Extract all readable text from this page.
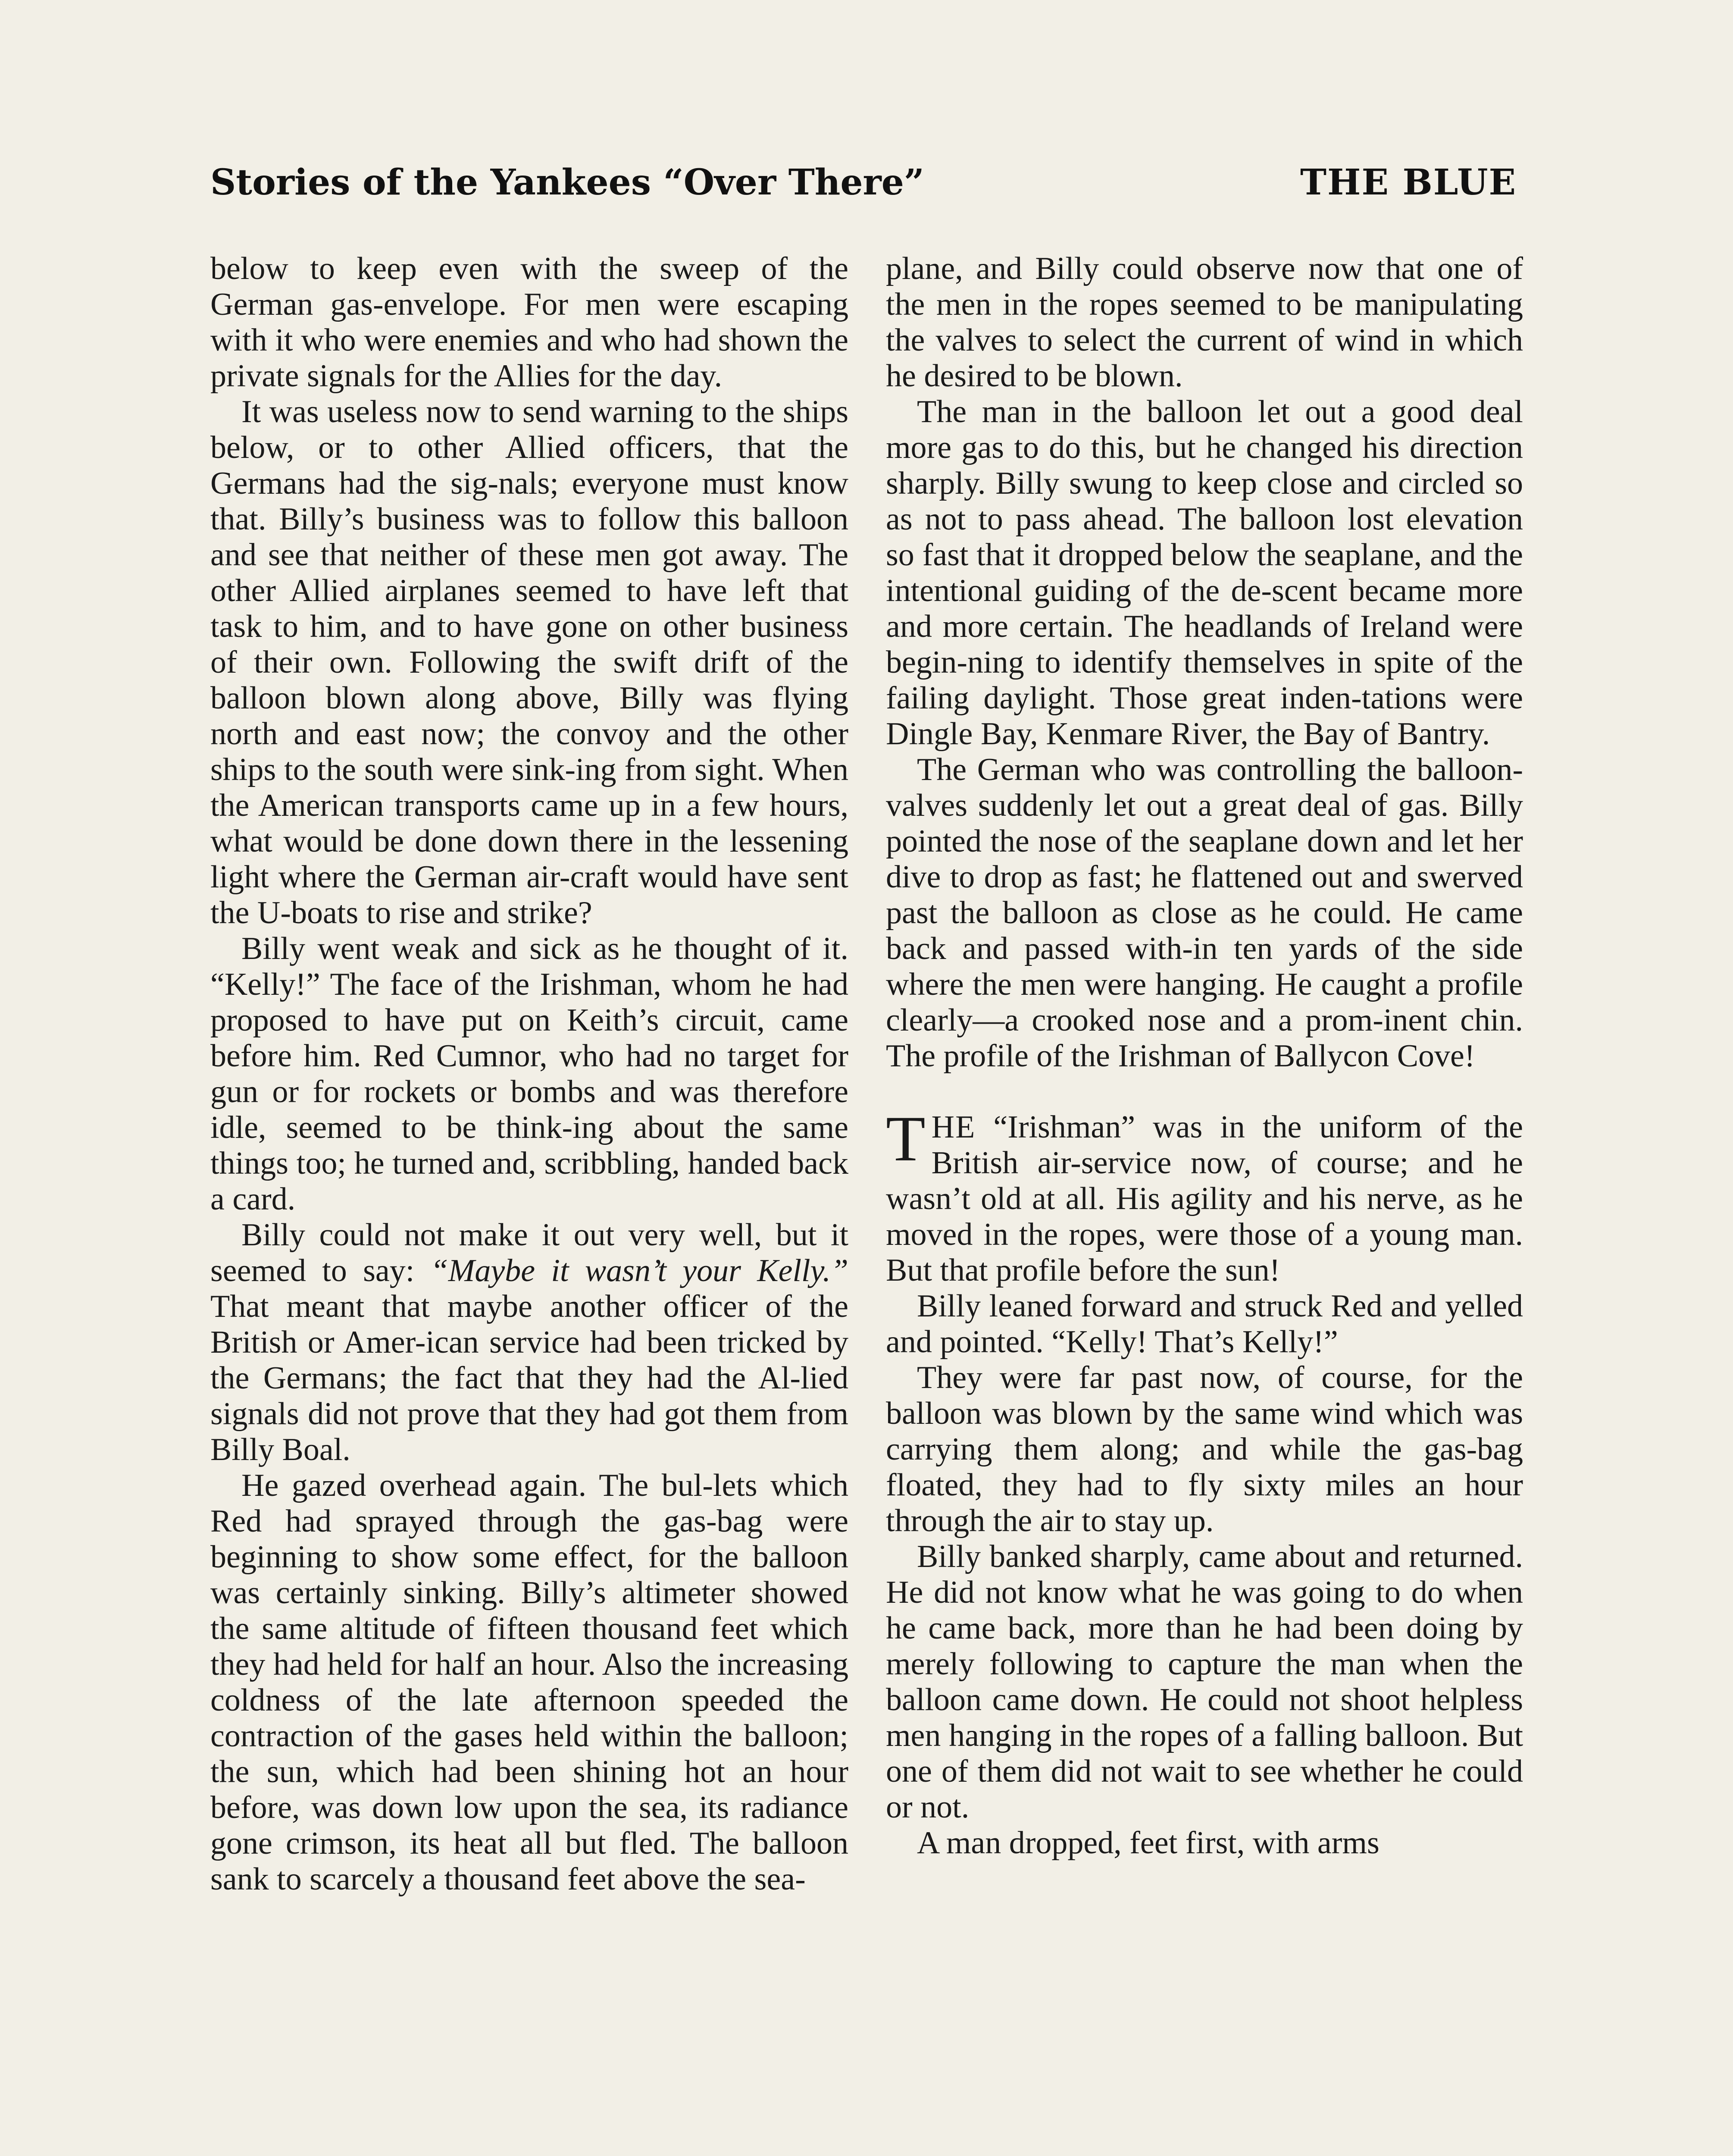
Stories of the Yankees “Over There”	THE BLUE

below to keep even with the sweep of the German gas-envelope. For men were escaping with it who were enemies and who had shown the private signals for the Allies for the day.

It was useless now to send warning to the ships below, or to other Allied officers, that the Germans had the sig-nals; everyone must know that. Billy’s business was to follow this balloon and see that neither of these men got away. The other Allied airplanes seemed to have left that task to him, and to have gone on other business of their own. Following the swift drift of the balloon blown along above, Billy was flying north and east now; the convoy and the other ships to the south were sink-ing from sight. When the American transports came up in a few hours, what would be done down there in the lessening light where the German air-craft would have sent the U-boats to rise and strike?

Billy went weak and sick as he thought of it. “Kelly!” The face of the Irishman, whom he had proposed to have put on Keith’s circuit, came before him. Red Cumnor, who had no target for gun or for rockets or bombs and was therefore idle, seemed to be think-ing about the same things too; he turned and, scribbling, handed back a card.

Billy could not make it out very well, but it seemed to say: “Maybe it wasn’t your Kelly.” That meant that maybe another officer of the British or Amer-ican service had been tricked by the Germans; the fact that they had the Al-lied signals did not prove that they had got them from Billy Boal.

He gazed overhead again. The bul-lets which Red had sprayed through the gas-bag were beginning to show some effect, for the balloon was certainly sinking. Billy’s altimeter showed the same altitude of fifteen thousand feet which they had held for half an hour. Also the increasing coldness of the late afternoon speeded the contraction of the gases held within the balloon; the sun, which had been shining hot an hour before, was down low upon the sea, its radiance gone crimson, its heat all but fled. The balloon sank to scarcely a thousand feet above the sea-

plane, and Billy could observe now that one of the men in the ropes seemed to be manipulating the valves to select the current of wind in which he desired to be blown.

The man in the balloon let out a good deal more gas to do this, but he changed his direction sharply. Billy swung to keep close and circled so as not to pass ahead. The balloon lost elevation so fast that it dropped below the seaplane, and the intentional guiding of the de-scent became more and more certain. The headlands of Ireland were begin-ning to identify themselves in spite of the failing daylight. Those great inden-tations were Dingle Bay, Kenmare River, the Bay of Bantry.

The German who was controlling the balloon-valves suddenly let out a great deal of gas. Billy pointed the nose of the seaplane down and let her dive to drop as fast; he flattened out and swerved past the balloon as close as he could. He came back and passed with-in ten yards of the side where the men were hanging. He caught a profile clearly—a crooked nose and a prom-inent chin. The profile of the Irishman of Ballycon Cove!

THE “Irishman” was in the uniform of the British air-service now, of course; and he wasn’t old at all. His agility and his nerve, as he moved in the ropes, were those of a young man. But that profile before the sun!

Billy leaned forward and struck Red and yelled and pointed. “Kelly! That’s Kelly!”

They were far past now, of course, for the balloon was blown by the same wind which was carrying them along; and while the gas-bag floated, they had to fly sixty miles an hour through the air to stay up.

Billy banked sharply, came about and returned. He did not know what he was going to do when he came back, more than he had been doing by merely following to capture the man when the balloon came down. He could not shoot helpless men hanging in the ropes of a falling balloon. But one of them did not wait to see whether he could or not.

A man dropped, feet first, with arms
